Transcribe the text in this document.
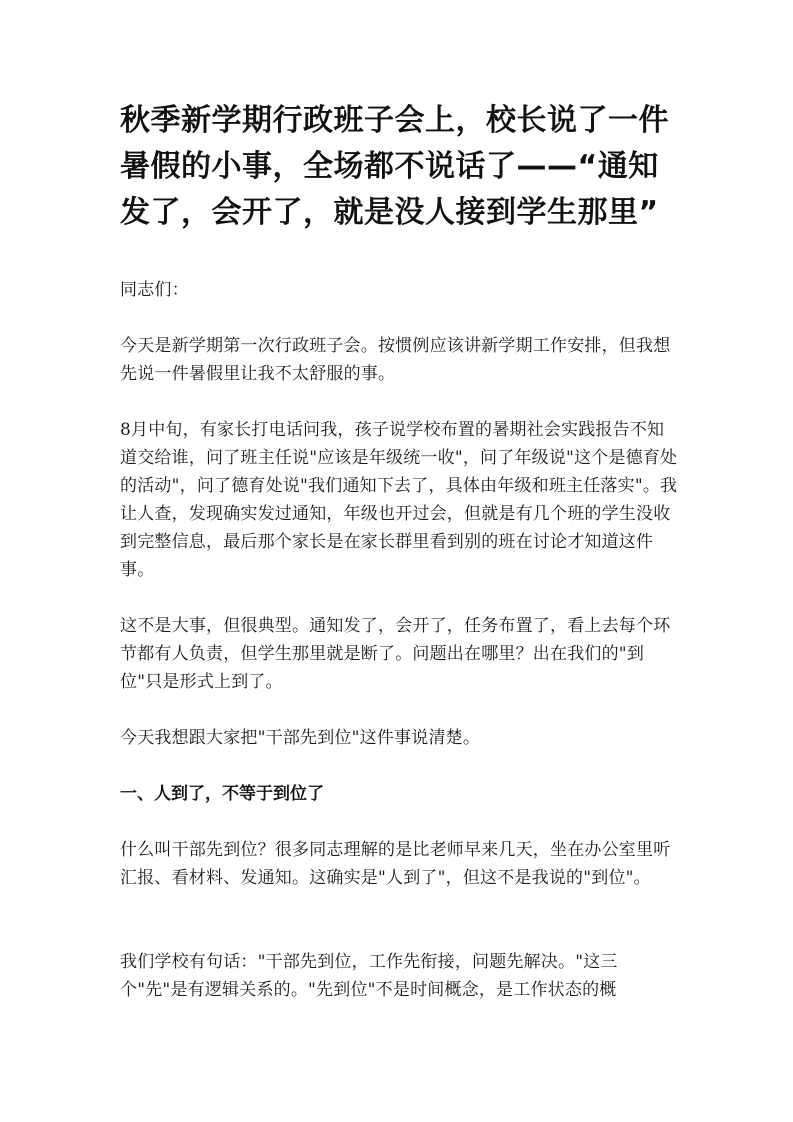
秋季新学期行政班子会上，校长说了一件暑假的小事，全场都不说话了——“通知发了，会开了，就是没人接到学生那里”

同志们：

今天是新学期第一次行政班子会。按惯例应该讲新学期工作安排，但我想先说一件暑假里让我不太舒服的事。

8月中旬，有家长打电话问我，孩子说学校布置的暑期社会实践报告不知道交给谁，问了班主任说"应该是年级统一收"，问了年级说"这个是德育处的活动"，问了德育处说"我们通知下去了，具体由年级和班主任落实"。我让人查，发现确实发过通知，年级也开过会，但就是有几个班的学生没收到完整信息，最后那个家长是在家长群里看到别的班在讨论才知道这件事。

这不是大事，但很典型。通知发了，会开了，任务布置了，看上去每个环节都有人负责，但学生那里就是断了。问题出在哪里？出在我们的"到位"只是形式上到了。

今天我想跟大家把"干部先到位"这件事说清楚。

一、人到了，不等于到位了

什么叫干部先到位？很多同志理解的是比老师早来几天，坐在办公室里听汇报、看材料、发通知。这确实是"人到了"，但这不是我说的"到位"。

我们学校有句话："干部先到位，工作先衔接，问题先解决。"这三个"先"是有逻辑关系的。"先到位"不是时间概念，是工作状态的概
